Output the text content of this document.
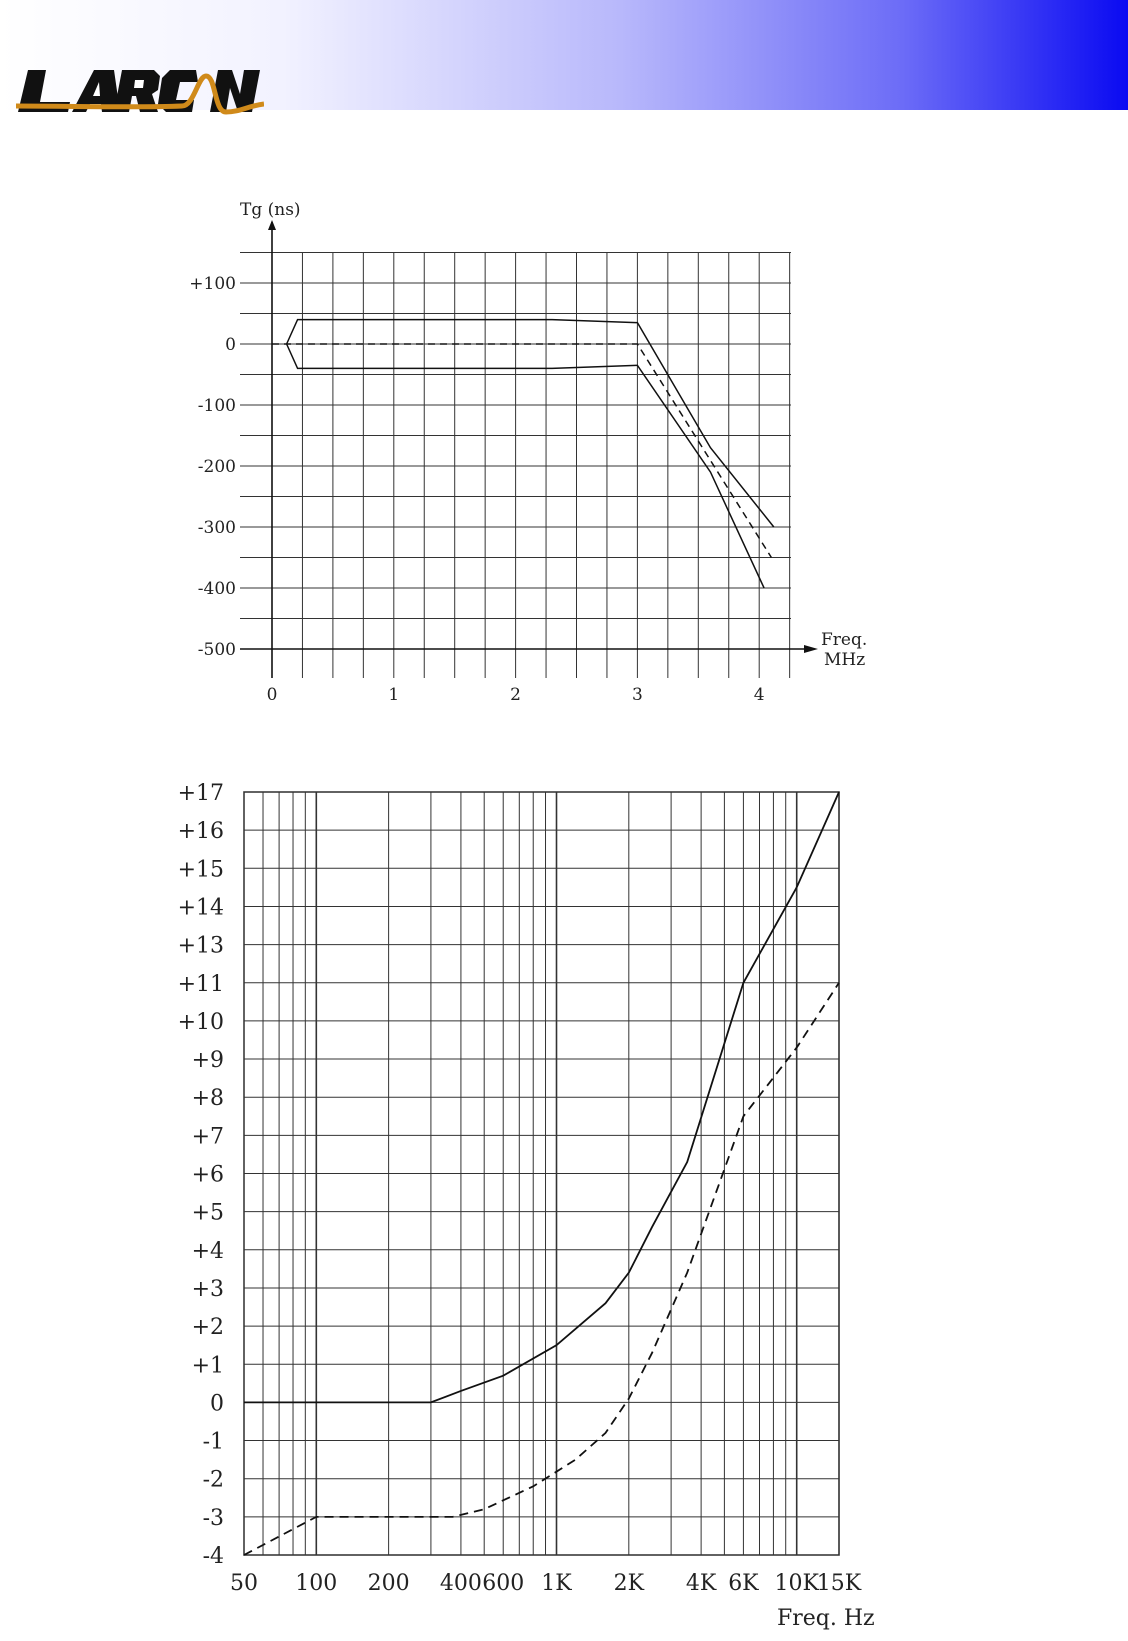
+100
0
-100
-200
-300
-400
-500
0	1	2	3	4
Tg (ns)
Freq.
MHz
+17
+16
+15
+14
+13
+11
+10
+9
+8
+7
+6
+5
+4
+3
+2
+1
0
-1
-2
-3
-4
50 100 200 400 600 1K 2K 4K 6K 10K
15K
Freq. Hz
